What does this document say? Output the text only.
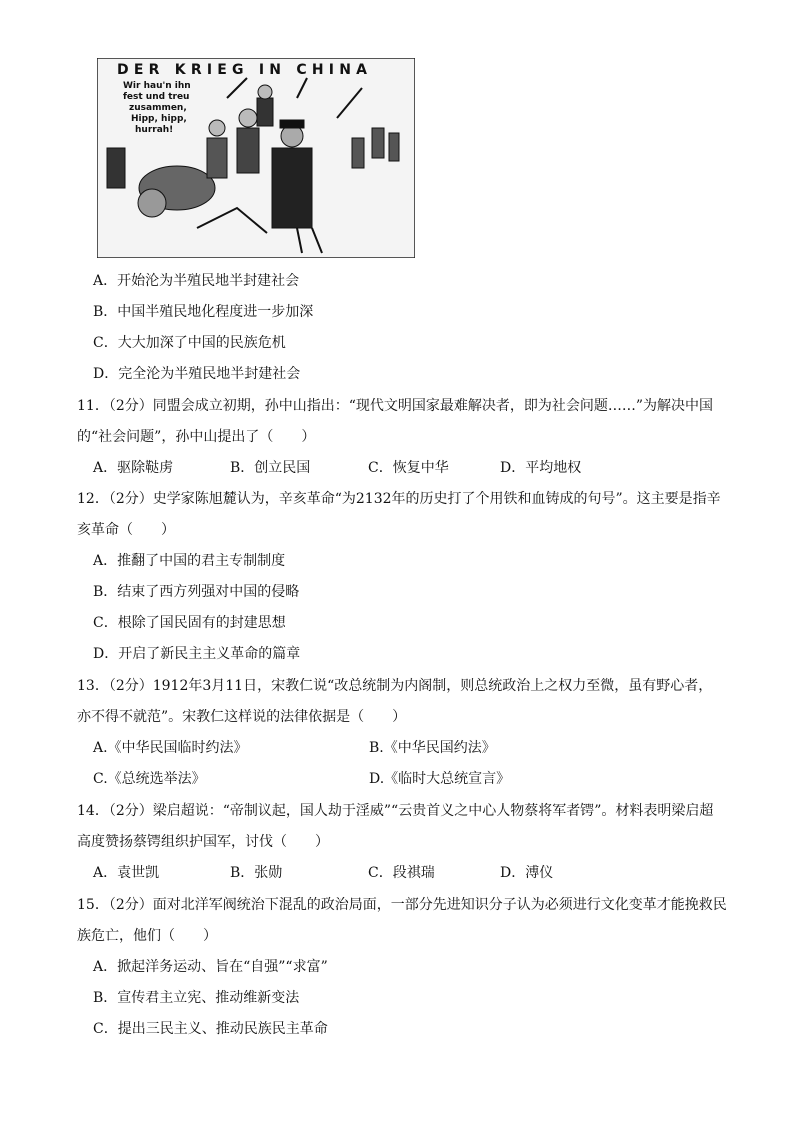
DER KRIEG IN CHINA
Wir hau'n ihn
fest und treu
zusammen,
Hipp, hipp,
hurrah!
A．开始沦为半殖民地半封建社会
B．中国半殖民地化程度进一步加深
C．大大加深了中国的民族危机
D．完全沦为半殖民地半封建社会
11．（2分）同盟会成立初期，孙中山指出：“现代文明国家最难解决者，即为社会问题……”为解决中国
的“社会问题”，孙中山提出了（　　）
A．驱除鞑虏	B．创立民国	C．恢复中华	D．平均地权
12．（2分）史学家陈旭麓认为，辛亥革命“为2132年的历史打了个用铁和血铸成的句号”。这主要是指辛
亥革命（　　）
A．推翻了中国的君主专制制度
B．结束了西方列强对中国的侵略
C．根除了国民固有的封建思想
D．开启了新民主主义革命的篇章
13．（2分）1912年3月11日，宋教仁说“改总统制为内阁制，则总统政治上之权力至微，虽有野心者，
亦不得不就范”。宋教仁这样说的法律依据是（　　）
A.《中华民国临时约法》	B.《中华民国约法》
C.《总统选举法》	D.《临时大总统宣言》
14．（2分）梁启超说：“帝制议起，国人劫于淫威”“云贵首义之中心人物蔡将军者锷”。材料表明梁启超
高度赞扬蔡锷组织护国军，讨伐（　　）
A．袁世凯	B．张勋	C．段祺瑞	D．溥仪
15．（2分）面对北洋军阀统治下混乱的政治局面，一部分先进知识分子认为必须进行文化变革才能挽救民
族危亡，他们（　　）
A．掀起洋务运动、旨在“自强”“求富”
B．宣传君主立宪、推动维新变法
C．提出三民主义、推动民族民主革命
